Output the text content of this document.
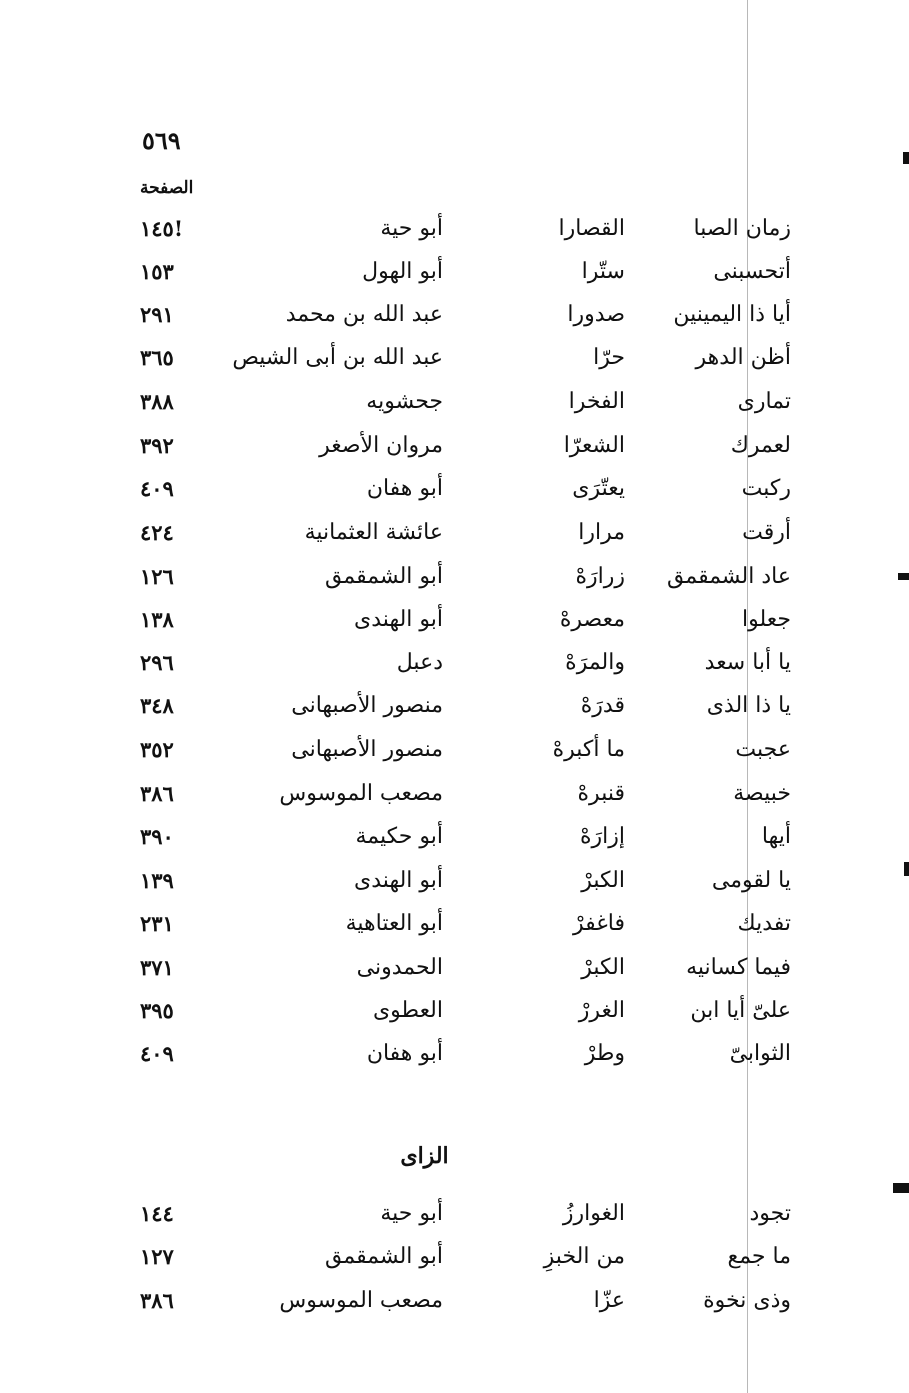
٥٦٩
الصفحة
زمان الصبا
القصارا
أبو حية
!١٤٥
أتحسبنى
ستّرا
أبو الهول
١٥٣
أيا ذا اليمينين
صدورا
عبد الله بن محمد
٢٩١
أظن الدهر
حرّا
عبد الله بن أبى الشيص
٣٦٥
تمارى
الفخرا
جحشويه
٣٨٨
لعمرك
الشعرّا
مروان الأصغر
٣٩٢
ركبت
يعتّرَى
أبو هفان
٤٠٩
أرقت
مرارا
عائشة العثمانية
٤٢٤
عاد الشمقمق
زرارَهْ
أبو الشمقمق
١٢٦
جعلوا
معصرهْ
أبو الهندى
١٣٨
يا أبا سعد
والمرَهْ
دعبل
٢٩٦
يا ذا الذى
قدرَهْ
منصور الأصبهانى
٣٤٨
عجبت
ما أكبرهْ
منصور الأصبهانى
٣٥٢
خبيصة
قنبرهْ
مصعب الموسوس
٣٨٦
أيها
إزارَهْ
أبو حكيمة
٣٩٠
يا لقومى
الكبرْ
أبو الهندى
١٣٩
تفديك
فاغفرْ
أبو العتاهية
٢٣١
فيما كسانيه
الكبرْ
الحمدونى
٣٧١
علىّ أيا ابن
الغررْ
العطوى
٣٩٥
الثوابىّ
وطرْ
أبو هفان
٤٠٩
الزاى
تجود
الغوارزُ
أبو حية
١٤٤
ما جمع
من الخبزِ
أبو الشمقمق
١٢٧
وذى نخوة
عزّا
مصعب الموسوس
٣٨٦
